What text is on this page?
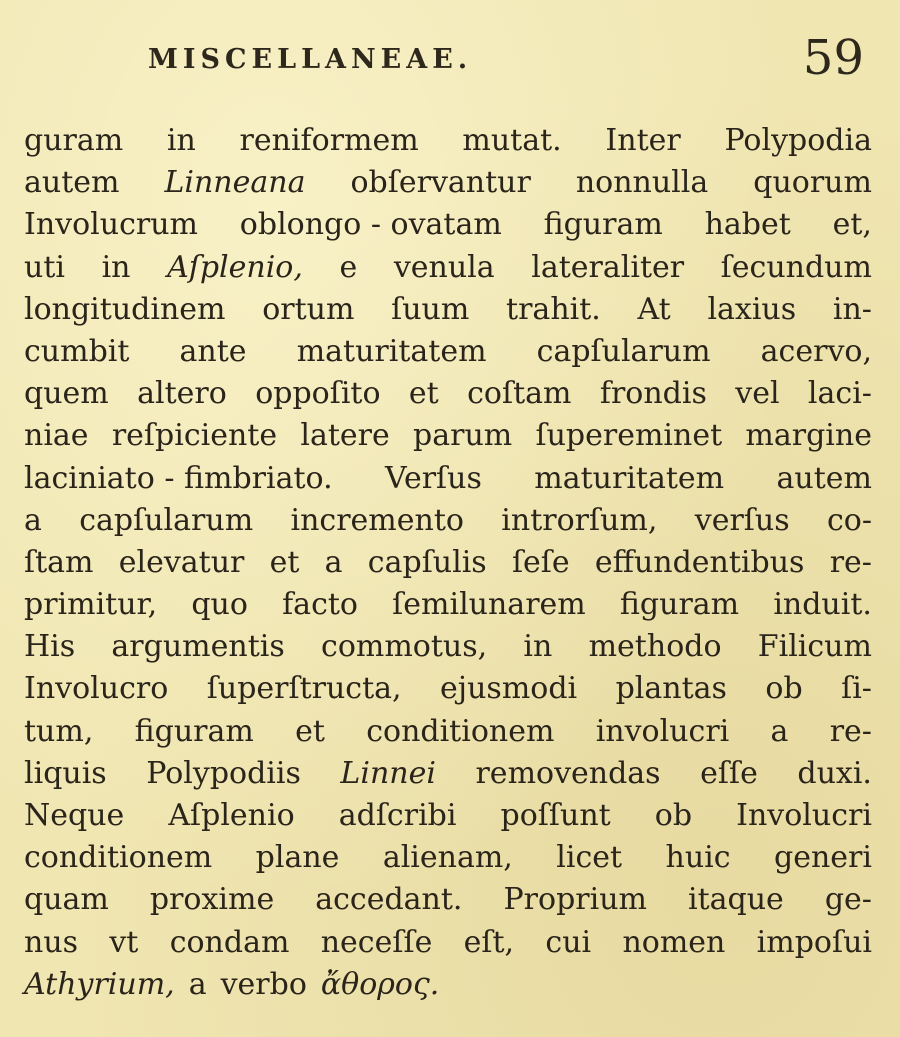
MISCELLANEAE.	59
guram in reniformem mutat. Inter Polypodia
autem Linneana obſervantur nonnulla quorum
Involucrum oblongo - ovatam figuram habet et,
uti in Aſplenio, e venula lateraliter ſecundum
longitudinem ortum ſuum trahit. At laxius in-
cumbit ante maturitatem capſularum acervo,
quem altero oppoſito et coſtam frondis vel laci-
niae reſpiciente latere parum ſupereminet margine
laciniato - fimbriato. Verſus maturitatem autem
a capſularum incremento introrſum, verſus co-
ſtam elevatur et a capſulis ſeſe effundentibus re-
primitur, quo facto ſemilunarem figuram induit.
His argumentis commotus, in methodo Filicum
Involucro ſuperſtructa, ejusmodi plantas ob ſi-
tum, figuram et conditionem involucri a re-
liquis Polypodiis Linnei removendas eſſe duxi.
Neque Aſplenio adſcribi poſſunt ob Involucri
conditionem plane alienam, licet huic generi
quam proxime accedant. Proprium itaque ge-
nus vt condam neceſſe eſt, cui nomen impoſui
Athyrium, a verbo ἄθορος.
